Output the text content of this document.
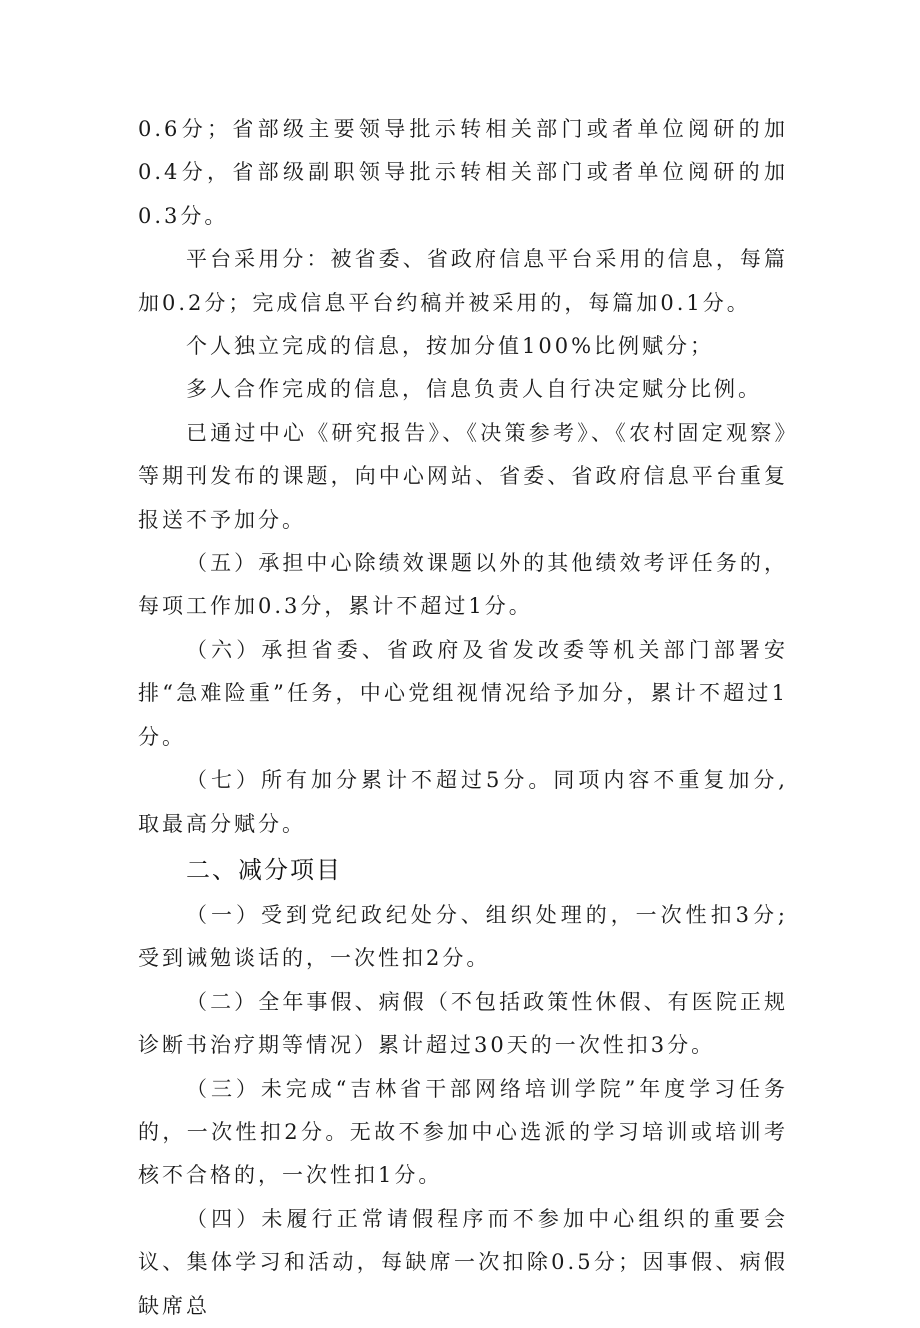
0.6分；省部级主要领导批示转相关部门或者单位阅研的加0.4分，省部级副职领导批示转相关部门或者单位阅研的加0.3分。

平台采用分：被省委、省政府信息平台采用的信息，每篇加0.2分；完成信息平台约稿并被采用的，每篇加0.1分。

个人独立完成的信息，按加分值100%比例赋分；

多人合作完成的信息，信息负责人自行决定赋分比例。

已通过中心《研究报告》、《决策参考》、《农村固定观察》等期刊发布的课题，向中心网站、省委、省政府信息平台重复报送不予加分。

（五）承担中心除绩效课题以外的其他绩效考评任务的，每项工作加0.3分，累计不超过1分。

（六）承担省委、省政府及省发改委等机关部门部署安排“急难险重”任务，中心党组视情况给予加分，累计不超过1分。

（七）所有加分累计不超过5分。同项内容不重复加分,取最高分赋分。

二、减分项目

（一）受到党纪政纪处分、组织处理的，一次性扣3分;受到诫勉谈话的，一次性扣2分。

（二）全年事假、病假（不包括政策性休假、有医院正规诊断书治疗期等情况）累计超过30天的一次性扣3分。

（三）未完成“吉林省干部网络培训学院”年度学习任务的，一次性扣2分。无故不参加中心选派的学习培训或培训考核不合格的，一次性扣1分。

（四）未履行正常请假程序而不参加中心组织的重要会议、集体学习和活动，每缺席一次扣除0.5分；因事假、病假缺席总
